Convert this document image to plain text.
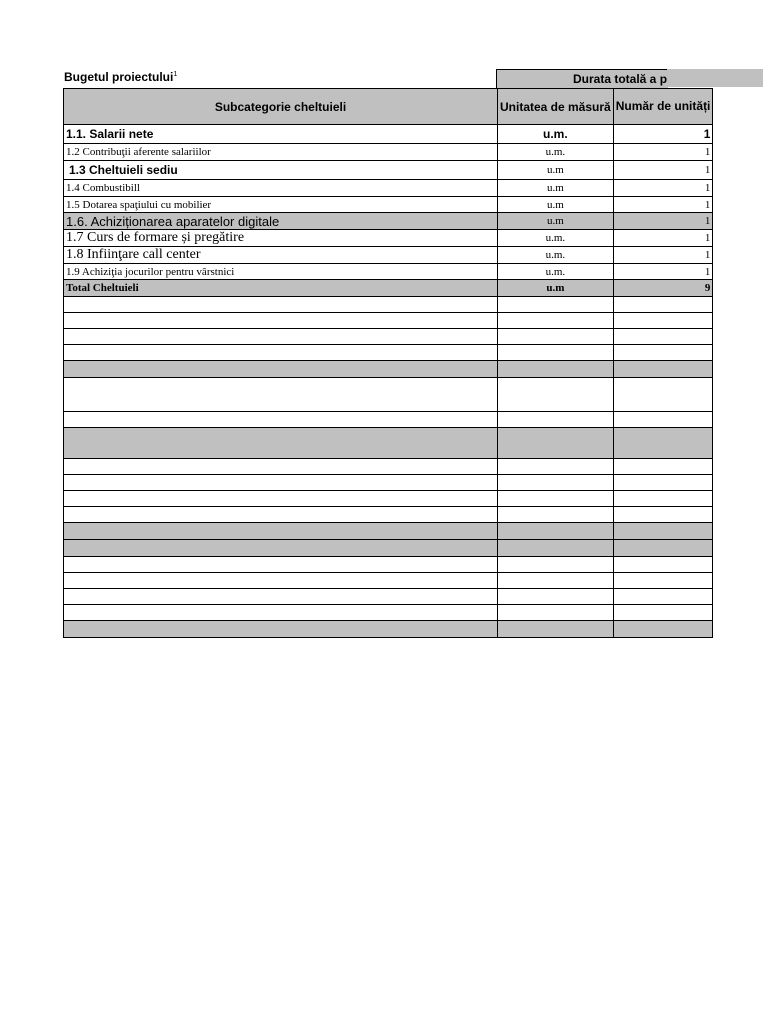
Bugetul proiectului$^1$	Durata totală a p
Subcategorie cheltuieli	Unitatea de măsură	Număr de unități
1.1. Salarii nete	u.m.	1
1.2 Contribuţii aferente salariilor	u.m.	1
1.3 Cheltuieli sediu	u.m	1
1.4 Combustibill	u.m	1
1.5 Dotarea spaţiului cu mobilier	u.m	1
1.6. Achiziționarea aparatelor digitale	u.m	1
1.7 Curs de formare și pregătire	u.m.	1
1.8 Infiinţare call center	u.m.	1
1.9 Achiziţia jocurilor pentru vârstnici	u.m.	1
Total Cheltuieli	u.m	9
